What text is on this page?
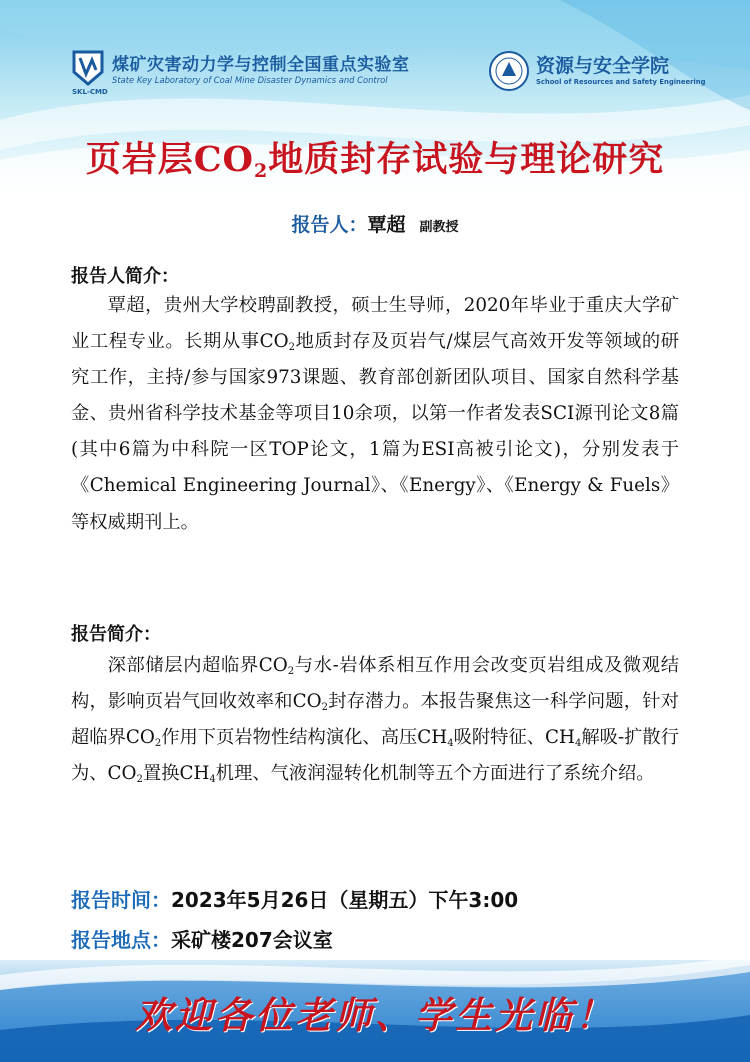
煤矿灾害动力学与控制全国重点实验室
State Key Laboratory of Coal Mine Disaster Dynamics and Control
SKL-CMD
资源与安全学院
School of Resources and Safety Engineering
页岩层$CO_2$地质封存试验与理论研究
报告人：覃超 副教授
报告人简介：

覃超，贵州大学校聘副教授，硕士生导师，2020年毕业于重庆大学矿业工程专业。长期从事$CO_2$地质封存及页岩气/煤层气高效开发等领域的研究工作，主持/参与国家973课题、教育部创新团队项目、国家自然科学基金、贵州省科学技术基金等项目10余项，以第一作者发表SCI源刊论文8篇(其中6篇为中科院一区TOP论文，1篇为ESI高被引论文)，分别发表于《Chemical Engineering Journal》、《Energy》、《Energy & Fuels》等权威期刊上。

报告简介：

深部储层内超临界$CO_2$与水-岩体系相互作用会改变页岩组成及微观结构，影响页岩气回收效率和$CO_2$封存潜力。本报告聚焦这一科学问题，针对超临界$CO_2$作用下页岩物性结构演化、高压$CH_4$吸附特征、$CH_4$解吸-扩散行为、$CO_2$置换$CH_4$机理、气液润湿转化机制等五个方面进行了系统介绍。

报告时间：2023年5月26日（星期五）下午3:00
报告地点：采矿楼207会议室
欢迎各位老师、学生光临！
